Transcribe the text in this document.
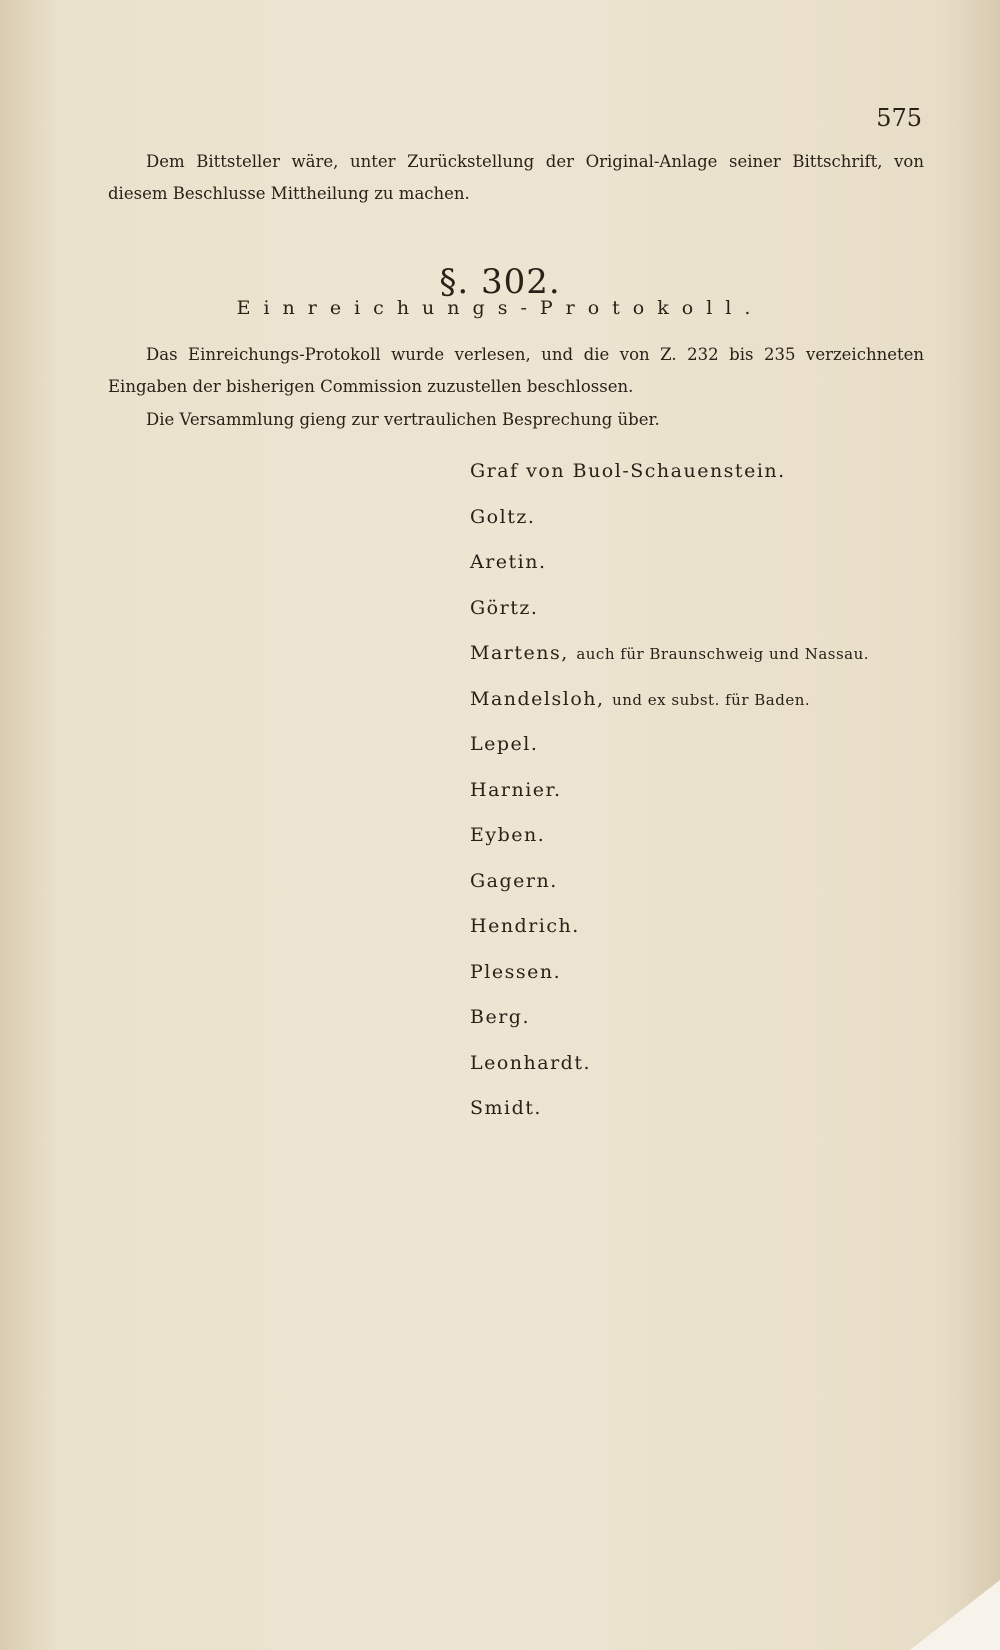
575

Dem Bittsteller wäre, unter Zurückstellung der Original-Anlage seiner Bittschrift, von diesem Beschlusse Mittheilung zu machen.

§. 302.
Einreichungs-Protokoll.

Das Einreichungs-Protokoll wurde verlesen, und die von Z. 232 bis 235 verzeichneten Eingaben der bisherigen Commission zuzustellen beschlossen.

Die Versammlung gieng zur vertraulichen Besprechung über.

Graf von Buol-Schauenstein.
Goltz.
Aretin.
Görtz.
Martens, auch für Braunschweig und Nassau.
Mandelsloh, und ex subst. für Baden.
Lepel.
Harnier.
Eyben.
Gagern.
Hendrich.
Plessen.
Berg.
Leonhardt.
Smidt.
